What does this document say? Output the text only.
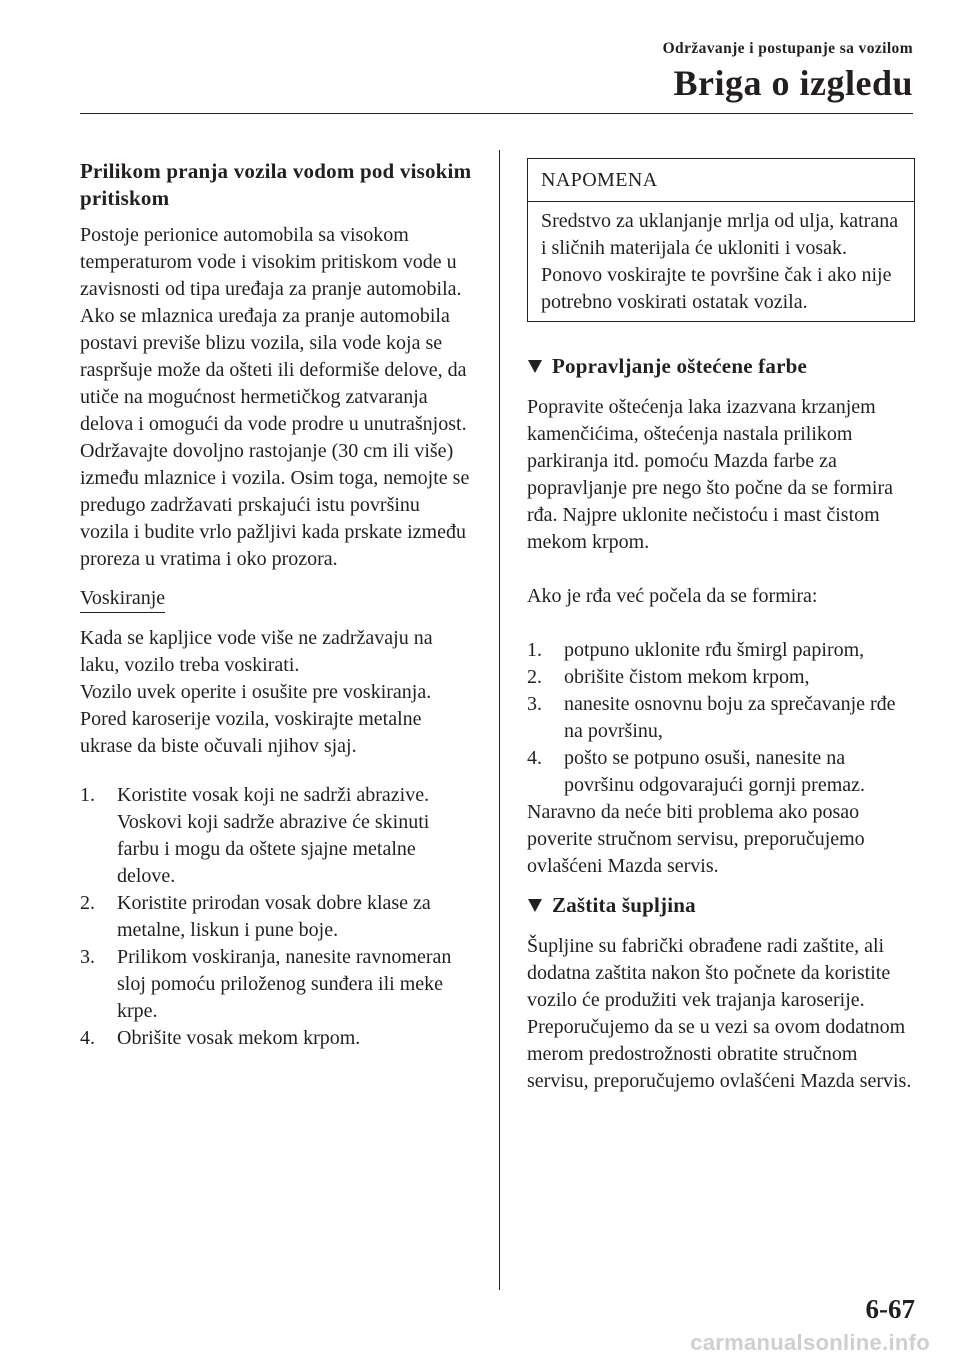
Održavanje i postupanje sa vozilom
Briga o izgledu
Prilikom pranja vozila vodom pod visokim pritiskom

Postoje perionice automobila sa visokom temperaturom vode i visokim pritiskom vode u zavisnosti od tipa uređaja za pranje automobila. Ako se mlaznica uređaja za pranje automobila postavi previše blizu vozila, sila vode koja se raspršuje može da ošteti ili deformiše delove, da utiče na mogućnost hermetičkog zatvaranja delova i omogući da vode prodre u unutrašnjost. Održavajte dovoljno rastojanje (30 cm ili više) između mlaznice i vozila. Osim toga, nemojte se predugo zadržavati prskajući istu površinu vozila i budite vrlo pažljivi kada prskate između proreza u vratima i oko prozora.

Voskiranje

Kada se kapljice vode više ne zadržavaju na laku, vozilo treba voskirati.

Vozilo uvek operite i osušite pre voskiranja. Pored karoserije vozila, voskirajte metalne ukrase da biste očuvali njihov sjaj.

1.	Koristite vosak koji ne sadrži abrazive. Voskovi koji sadrže abrazive će skinuti farbu i mogu da oštete sjajne metalne delove.
2.	Koristite prirodan vosak dobre klase za metalne, liskun i pune boje.
3.	Prilikom voskiranja, nanesite ravnomeran sloj pomoću priloženog sunđera ili meke krpe.
4.	Obrišite vosak mekom krpom.
NAPOMENA
Sredstvo za uklanjanje mrlja od ulja, katrana i sličnih materijala će ukloniti i vosak. Ponovo voskirajte te površine čak i ako nije potrebno voskirati ostatak vozila.
Popravljanje oštećene farbe

Popravite oštećenja laka izazvana krzanjem kamenčićima, oštećenja nastala prilikom parkiranja itd. pomoću Mazda farbe za popravljanje pre nego što počne da se formira rđa. Najpre uklonite nečistoću i mast čistom mekom krpom.

Ako je rđa već počela da se formira:

1.	potpuno uklonite rđu šmirgl papirom,
2.	obrišite čistom mekom krpom,
3.	nanesite osnovnu boju za sprečavanje rđe na površinu,
4.	pošto se potpuno osuši, nanesite na površinu odgovarajući gornji premaz.

Naravno da neće biti problema ako posao poverite stručnom servisu, preporučujemo ovlašćeni Mazda servis.

Zaštita šupljina

Šupljine su fabrički obrađene radi zaštite, ali dodatna zaštita nakon što počnete da koristite vozilo će produžiti vek trajanja karoserije.

Preporučujemo da se u vezi sa ovom dodatnom merom predostrožnosti obratite stručnom servisu, preporučujemo ovlašćeni Mazda servis.

6-67
carmanualsonline.info
